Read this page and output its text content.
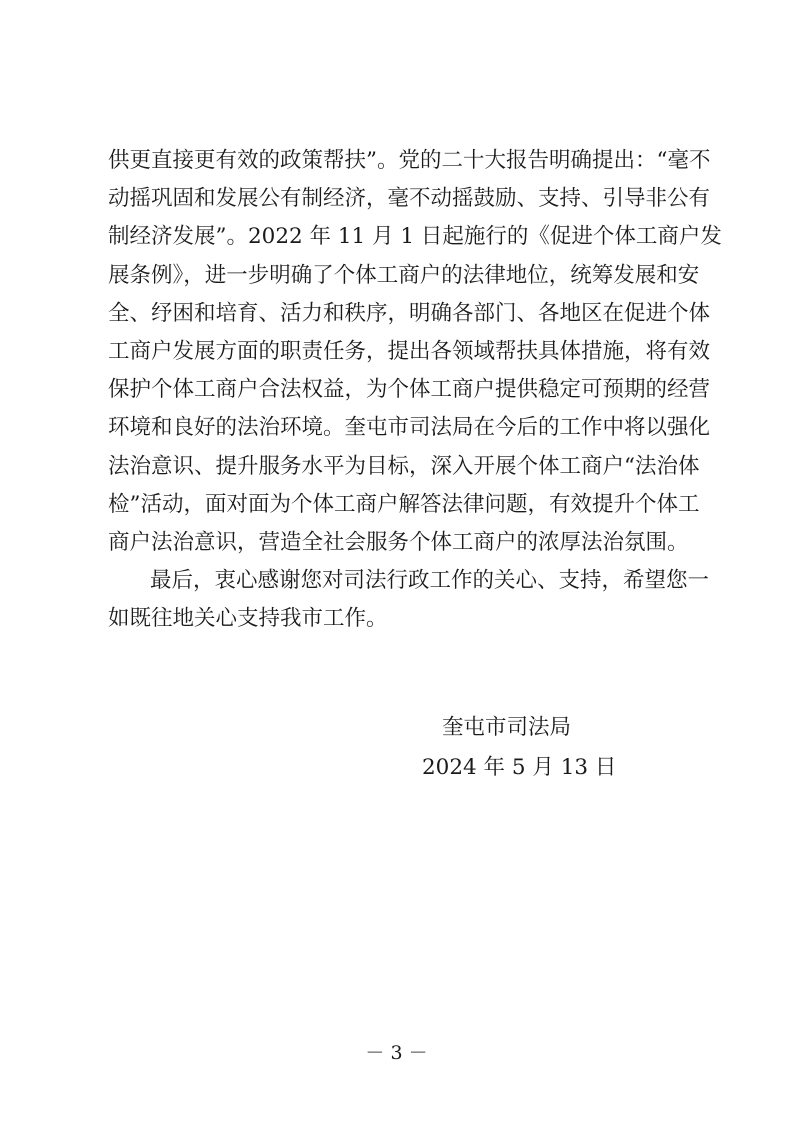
供更直接更有效的政策帮扶”。党的二十大报告明确提出：“毫不
动摇巩固和发展公有制经济，毫不动摇鼓励、支持、引导非公有
制经济发展”。2022 年 11 月 1 日起施行的《促进个体工商户发
展条例》，进一步明确了个体工商户的法律地位，统筹发展和安
全、纾困和培育、活力和秩序，明确各部门、各地区在促进个体
工商户发展方面的职责任务，提出各领域帮扶具体措施，将有效
保护个体工商户合法权益，为个体工商户提供稳定可预期的经营
环境和良好的法治环境。奎屯市司法局在今后的工作中将以强化
法治意识、提升服务水平为目标，深入开展个体工商户“法治体
检”活动，面对面为个体工商户解答法律问题，有效提升个体工
商户法治意识，营造全社会服务个体工商户的浓厚法治氛围。
最后，衷心感谢您对司法行政工作的关心、支持，希望您一
如既往地关心支持我市工作。
奎屯市司法局
2024 年 5 月 13 日
－ 3 －
